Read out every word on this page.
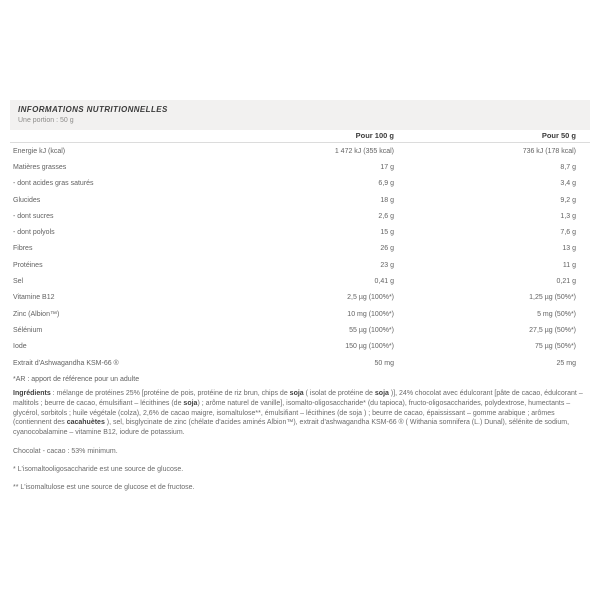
INFORMATIONS NUTRITIONNELLES
Une portion : 50 g
Pour 100 g	Pour 50 g
Energie kJ (kcal)	1 472 kJ (355 kcal)	736 kJ (178 kcal)
Matières grasses	17 g	8,7 g
- dont acides gras saturés	6,9 g	3,4 g
Glucides	18 g	9,2 g
- dont sucres	2,6 g	1,3 g
- dont polyols	15 g	7,6 g
Fibres	26 g	13 g
Protéines	23 g	11 g
Sel	0,41 g	0,21 g
Vitamine B12	2,5 µg (100%*)	1,25 µg (50%*)
Zinc (Albion™)	10 mg (100%*)	5 mg (50%*)
Sélénium	55 µg (100%*)	27,5 µg (50%*)
Iode	150 µg (100%*)	75 µg (50%*)
Extrait d'Ashwagandha KSM-66 ®	50 mg	25 mg
*AR : apport de référence pour un adulte

Ingrédients : mélange de protéines 25% [protéine de pois, protéine de riz brun, chips de soja ( isolat de protéine de soja )], 24% chocolat avec édulcorant [pâte de cacao, édulcorant – maltitols ; beurre de cacao, émulsifiant – lécithines (de soja) ; arôme naturel de vanille], isomalto-oligosaccharide* (du tapioca), fructo-oligosaccharides, polydextrose, humectants – glycérol, sorbitols ; huile végétale (colza), 2,6% de cacao maigre, isomaltulose**, émulsifiant – lécithines (de soja ) ; beurre de cacao, épaississant – gomme arabique ; arômes (contiennent des cacahuètes ), sel, bisglycinate de zinc (chélate d'acides aminés Albion™), extrait d'ashwagandha KSM-66 ® ( Withania somnifera (L.) Dunal), sélénite de sodium, cyanocobalamine – vitamine B12, iodure de potassium.

Chocolat - cacao : 53% minimum.

* L'isomaltooligosaccharide est une source de glucose.

** L'isomaltulose est une source de glucose et de fructose.
